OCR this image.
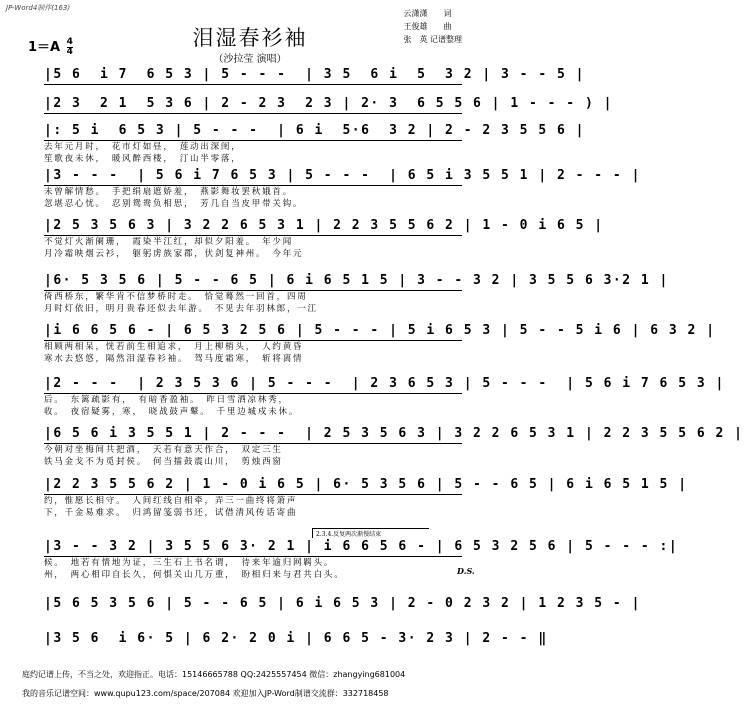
JP-Word4制作(163)
泪湿春衫袖
（沙拉莹 演唱）
云潇潇　　词
王俊雄　　曲
张　英 记谱整理
$1=A \frac{4}{4}$
|5 6  i 7  6 5 3 | 5 - - -  | 3 5  6 i  5  3 2 | 3 - - 5 |
|2 3  2 1  5 3 6 | 2 - 2 3  2 3 | 2· 3  6 5 5 6 | 1 - - - ) |
|: 5 i  6 5 3 | 5 - - -  | 6 i  5·6  3 2 | 2 - 2 3 5 5 6 |
去年元月时，　花市灯如昼，　莲动出深闺，
笙歌夜未休，　暖风醉西楼，　汀山半零落，
|3 - - -  | 5 6 i 7 6 5 3 | 5 - - -  | 6 5 i 3 5 5 1 | 2 - - - |
未曾解情愁。　手把绢扇遮娇羞，　燕影舞妆罢秋娥首。
忽堪忍心忧。　忍别鸳鸯负相思，　芳几自当皮甲带关钩。
|2 5 3 5 6 3 | 3 2 2 6 5 3 1 | 2 2 3 5 5 6 2 | 1 - 0 i 6 5 |
不觉灯火渐阑珊，　霞染半江红，却似夕阳羞。　年少闻
月冷霜映烟云衫，　躯躬虏族家郡，伏剑复神州。　今年元
|6· 5 3 5 6 | 5 - - 6 5 | 6 i 6 5 1 5 | 3 - - 3 2 | 3 5 5 6 3·2 1 |
倚西桥东，繁华肯不信梦桥时走。　恰觉蓦然一回首，四周
月时灯依旧，明月贵春还似去年游。　不见去年羽林郎，一江
|i 6 6 5 6 - | 6 5 3 2 5 6 | 5 - - - | 5 i 6 5 3 | 5 - - 5 i 6 | 6 3 2 |
相顾两相呆，恍若前生相追求，　月上柳梢头，　人约黄昏
寒水去悠悠，隔然泪湿春衫袖。　驾马度霜寒，　斩将离情
|2 - - -  | 2 3 5 3 6 | 5 - - -  | 2 3 6 5 3 | 5 - - -  | 5 6 i 7 6 5 3 |
后。　东篱疏影有，　有暗香盈袖。　昨日雪洒凉林秀，
收。　夜宿疑雾，寒，　晓战鼓声鼙。　千里边城戍未休。
|6 5 6 i 3 5 5 1 | 2 - - -  | 2 5 3 5 6 3 | 3 2 2 6 5 3 1 | 2 2 3 5 5 6 2 |
今朝对坐梅间共把酒，　天若有意天作合，　双定三生
铁马金戈不为觅封侯。　何当擂鼓震山川，　剪烛西窗
|2 2 3 5 5 6 2 | 1 - 0 i 6 5 | 6· 5 3 5 6 | 5 - - 6 5 | 6 i 6 5 1 5 |
约，惟愿长相守。　人间红线自相牵，弄三一曲终将箫声
下，千金易难求。　归鸿留笺弱书还，试借清风传话寄曲
2.3.4.反复两次渐慢结束
|3 - - 3 2 | 3 5 5 6 3· 2 1 | i 6 6 5 6 - | 6 5 3 2 5 6 | 5 - - - :|
候。　地若有情地为证，三生石上书名谓，　待来年逾归网羁头。
州，　两心相印自长久，何惧关山几万重，　盼相归来与君共白头。	D.S.
|5 6 5 3 5 6 | 5 - - 6 5 | 6 i 6 5 3 | 2 - 0 2 3 2 | 1 2 3 5 - |
|3 5 6  i 6· 5 | 6 2· 2 0 i | 6 6 5 - 3· 2 3 | 2 - - ‖
庭约记谱上传，不当之处，欢迎指正。电话：15146665788 QQ:2425557454 微信：zhangying681004
我的音乐记谱空间：www.qupu123.com/space/207084 欢迎加入JP-Word制谱交流群：332718458
